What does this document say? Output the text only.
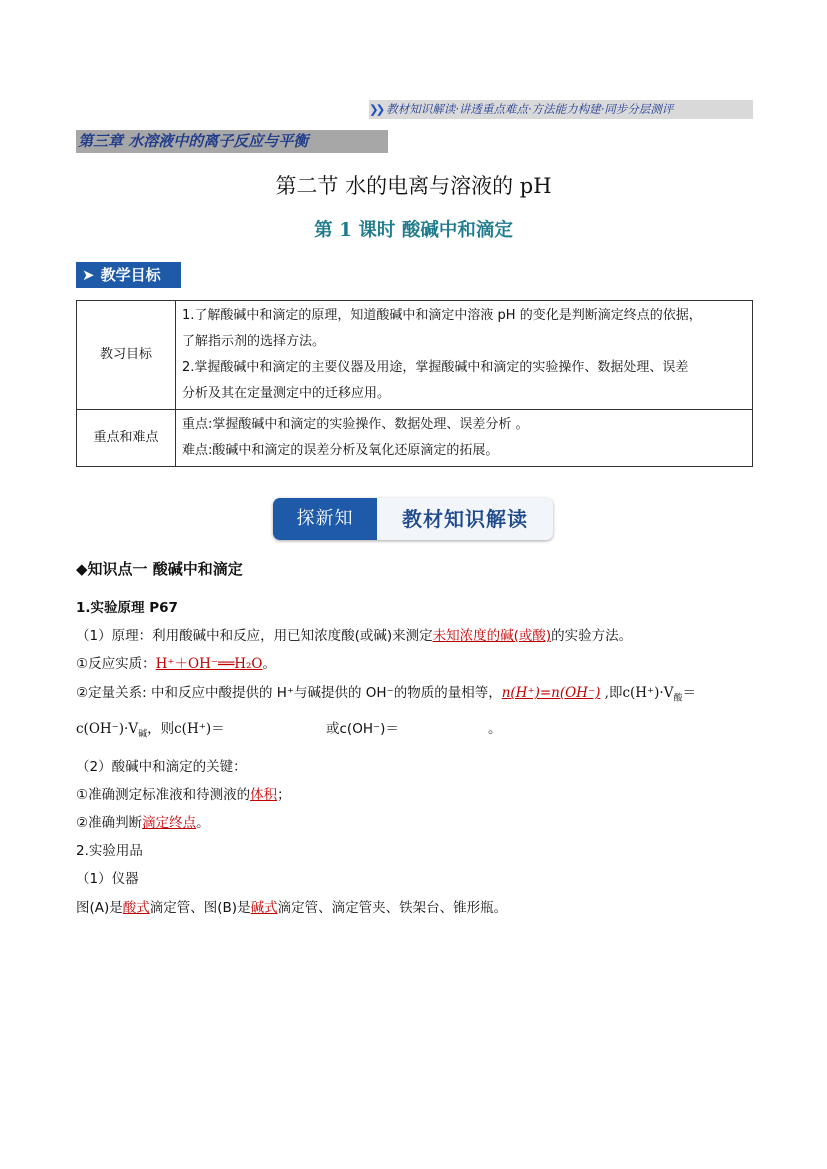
❯❯ 教材知识解读·讲透重点难点·方法能力构建·同步分层测评
第三章 水溶液中的离子反应与平衡
第二节 水的电离与溶液的 pH
第 1 课时 酸碱中和滴定
➤ 教学目标
教习目标	1.了解酸碱中和滴定的原理，知道酸碱中和滴定中溶液 pH 的变化是判断滴定终点的依据，
了解指示剂的选择方法。
2.掌握酸碱中和滴定的主要仪器及用途，掌握酸碱中和滴定的实验操作、数据处理、误差
分析及其在定量测定中的迁移应用。

重点和难点	重点:掌握酸碱中和滴定的实验操作、数据处理、误差分析 。
难点:酸碱中和滴定的误差分析及氧化还原滴定的拓展。
探新知	教材知识解读
◆知识点一 酸碱中和滴定
1.实验原理 P67
（1）原理：利用酸碱中和反应，用已知浓度酸(或碱)来测定未知浓度的碱(或酸)的实验方法。
①反应实质：H⁺＋OH⁻══H₂O。
②定量关系: 中和反应中酸提供的 H⁺与碱提供的 OH⁻的物质的量相等，n(H⁺)=n(OH⁻) ,即$c(H^+)\cdot V_酸=$
$c(OH^-)\cdot V_碱$，则c(H⁺)＝	或c(OH⁻)＝	。
（2）酸碱中和滴定的关键：
①准确测定标准液和待测液的体积；
②准确判断滴定终点。
2.实验用品
（1）仪器
图(A)是酸式滴定管、图(B)是碱式滴定管、滴定管夹、铁架台、锥形瓶。
